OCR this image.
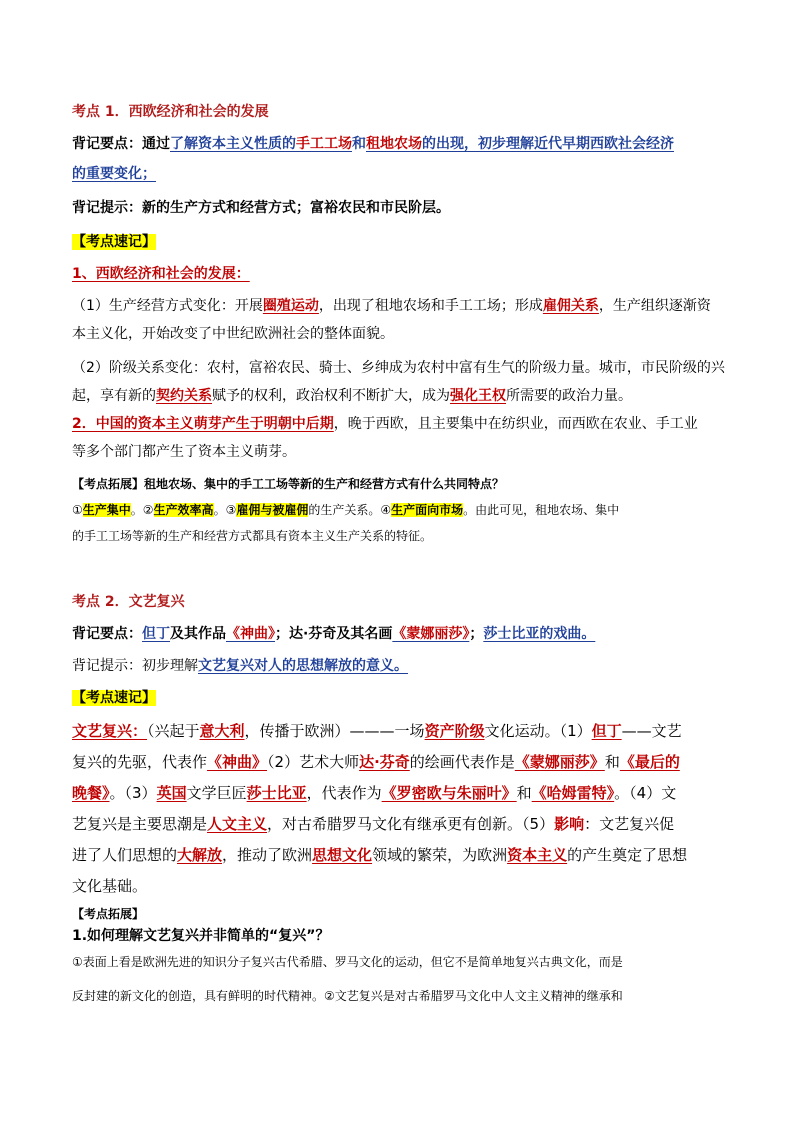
考点 1．西欧经济和社会的发展
背记要点：通过了解资本主义性质的手工工场和租地农场的出现，初步理解近代早期西欧社会经济
的重要变化；
背记提示：新的生产方式和经营方式；富裕农民和市民阶层。
【考点速记】
1、西欧经济和社会的发展：
（1）生产经营方式变化：开展圈殖运动，出现了租地农场和手工工场；形成雇佣关系，生产组织逐渐资
本主义化，开始改变了中世纪欧洲社会的整体面貌。
（2）阶级关系变化：农村，富裕农民、骑士、乡绅成为农村中富有生气的阶级力量。城市，市民阶级的兴
起，享有新的契约关系赋予的权利，政治权利不断扩大，成为强化王权所需要的政治力量。
2．中国的资本主义萌芽产生于明朝中后期，晚于西欧，且主要集中在纺织业，而西欧在农业、手工业
等多个部门都产生了资本主义萌芽。
【考点拓展】租地农场、集中的手工工场等新的生产和经营方式有什么共同特点？
①生产集中。②生产效率高。③雇佣与被雇佣的生产关系。④生产面向市场。由此可见，租地农场、集中
的手工工场等新的生产和经营方式都具有资本主义生产关系的特征。
考点 2．文艺复兴
背记要点：但丁及其作品《神曲》；达·芬奇及其名画《蒙娜丽莎》；莎士比亚的戏曲。
背记提示：初步理解文艺复兴对人的思想解放的意义。
【考点速记】
文艺复兴：（兴起于意大利，传播于欧洲）———一场资产阶级文化运动。（1）但丁——文艺
复兴的先驱，代表作《神曲》（2）艺术大师达·芬奇的绘画代表作是《蒙娜丽莎》和《最后的
晚餐》。（3）英国文学巨匠莎士比亚，代表作为《罗密欧与朱丽叶》和《哈姆雷特》。（4）文
艺复兴是主要思潮是人文主义，对古希腊罗马文化有继承更有创新。（5）影响：文艺复兴促
进了人们思想的大解放，推动了欧洲思想文化领域的繁荣，为欧洲资本主义的产生奠定了思想
文化基础。
【考点拓展】
1.如何理解文艺复兴并非简单的“复兴”？
①表面上看是欧洲先进的知识分子复兴古代希腊、罗马文化的运动，但它不是简单地复兴古典文化，而是
反封建的新文化的创造，具有鲜明的时代精神。②文艺复兴是对古希腊罗马文化中人文主义精神的继承和
